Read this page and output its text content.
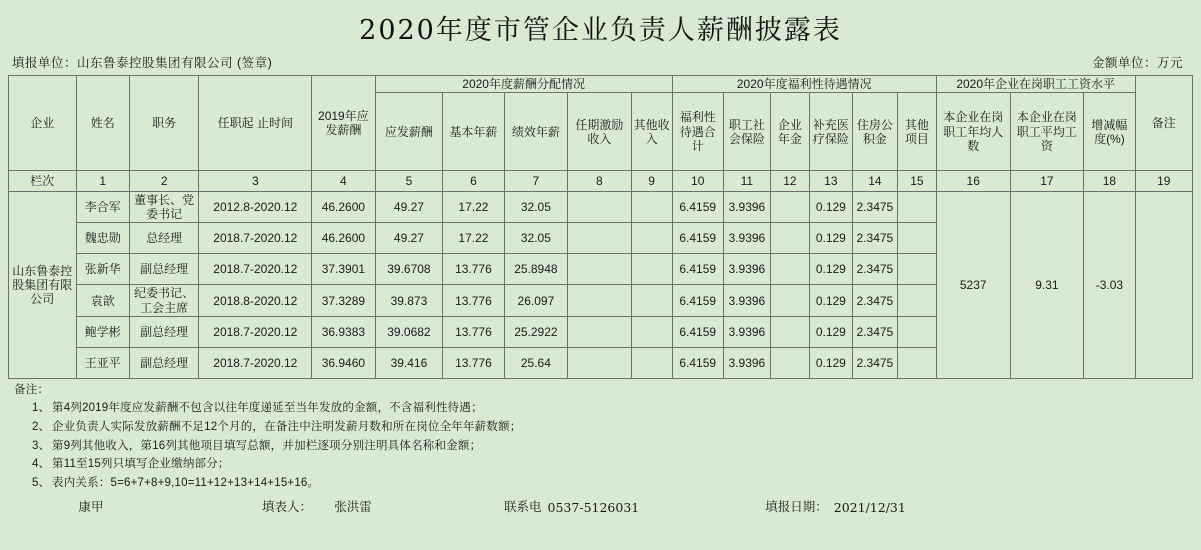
2020年度市管企业负责人薪酬披露表
填报单位：山东鲁泰控股集团有限公司 (签章)	金额单位：万元
企业	姓名	职务	任职起 止时间	2019年应发薪酬	2020年度薪酬分配情况					2020年度福利性待遇情况						2020年企业在岗职工工资水平			备注
					应发薪酬	基本年薪	绩效年薪	任期激励收入	其他收入	福利性待遇合计	职工社会保险	企业年金	补充医疗保险	住房公积金	其他项目	本企业在岗职工年均人数	本企业在岗职工平均工资	增减幅度(%)	
栏次	1	2	3	4	5	6	7	8	9	10	11	12	13	14	15	16	17	18	19
山东鲁泰控股集团有限公司	李合军	董事长、党委书记	2012.8-2020.12	46.2600	49.27	17.22	32.05			6.4159	3.9396		0.129	2.3475		5237	9.31	-3.03	
	魏忠勋	总经理	2018.7-2020.12	46.2600	49.27	17.22	32.05			6.4159	3.9396		0.129	2.3475					
	张新华	副总经理	2018.7-2020.12	37.3901	39.6708	13.776	25.8948			6.4159	3.9396		0.129	2.3475					
	袁歆	纪委书记、工会主席	2018.8-2020.12	37.3289	39.873	13.776	26.097			6.4159	3.9396		0.129	2.3475					
	鲍学彬	副总经理	2018.7-2020.12	36.9383	39.0682	13.776	25.2922			6.4159	3.9396		0.129	2.3475					
	王亚平	副总经理	2018.7-2020.12	36.9460	39.416	13.776	25.64			6.4159	3.9396		0.129	2.3475					
备注：
1、 第4列2019年度应发薪酬不包含以往年度递延至当年发放的金额，不含福利性待遇；
2、 企业负责人实际发放薪酬不足12个月的，在备注中注明发薪月数和所在岗位全年年薪数额；
3、 第9列其他收入，第16列其他项目填写总额，并加栏逐项分别注明具体名称和金额；
4、 第11至15列只填写企业缴纳部分；
5、 表内关系：5=6+7+8+9,10=11+12+13+14+15+16。
康甲	填表人：	张洪雷	联系电 0537-5126031	填报日期： 2021/12/31
